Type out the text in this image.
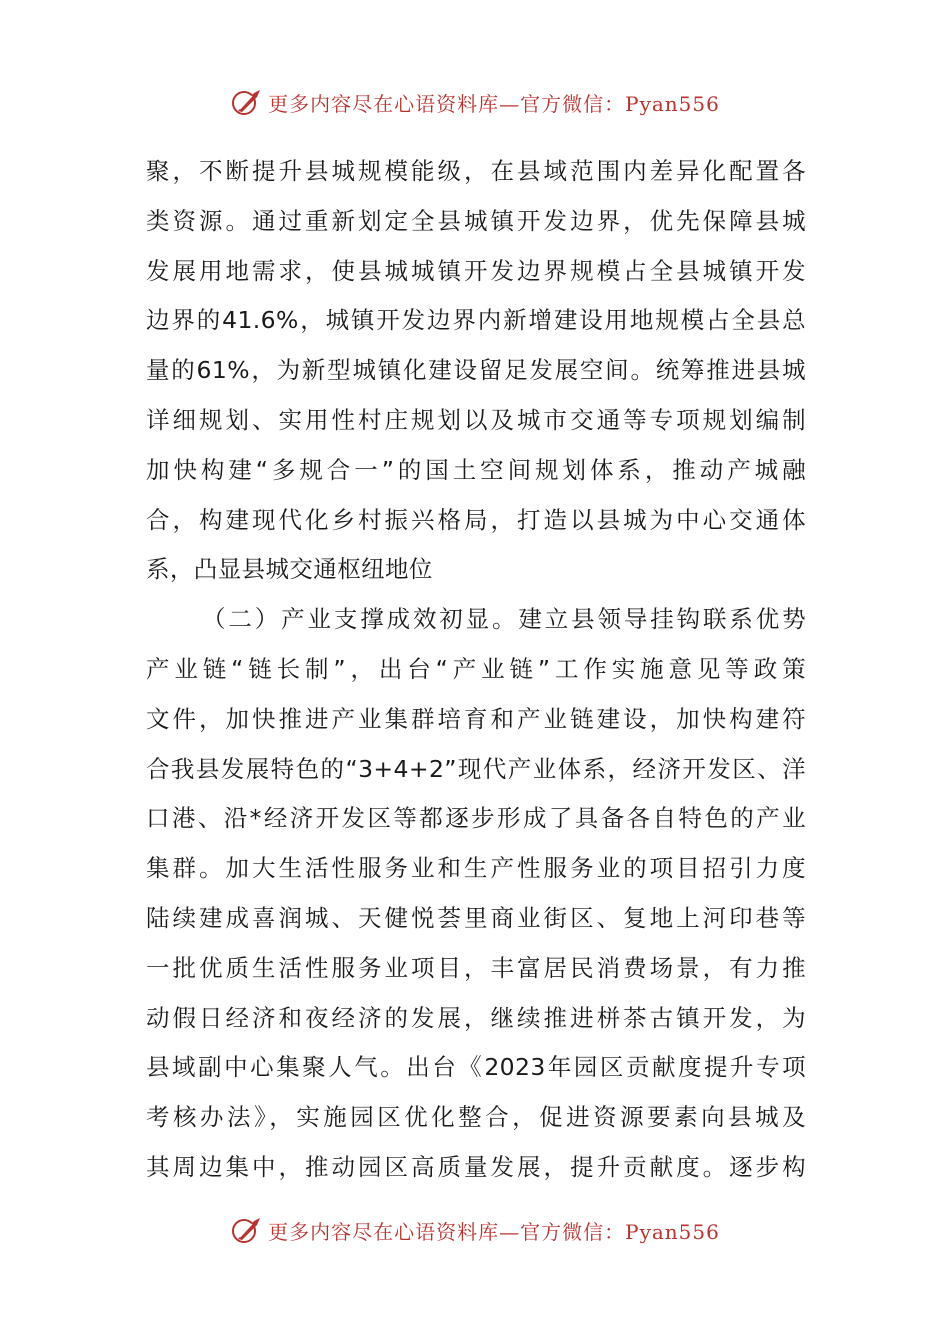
更多内容尽在心语资料库—官方微信：Pyan556
聚，不断提升县城规模能级，在县域范围内差异化配置各
类资源。通过重新划定全县城镇开发边界，优先保障县城
发展用地需求，使县城城镇开发边界规模占全县城镇开发
边界的41.6%，城镇开发边界内新增建设用地规模占全县总
量的61%，为新型城镇化建设留足发展空间。统筹推进县城
详细规划、实用性村庄规划以及城市交通等专项规划编制
加快构建“多规合一”的国土空间规划体系，推动产城融
合，构建现代化乡村振兴格局，打造以县城为中心交通体
系，凸显县城交通枢纽地位
（二）产业支撑成效初显。建立县领导挂钩联系优势
产业链“链长制”，出台“产业链”工作实施意见等政策
文件，加快推进产业集群培育和产业链建设，加快构建符
合我县发展特色的“3+4+2”现代产业体系，经济开发区、洋
口港、沿*经济开发区等都逐步形成了具备各自特色的产业
集群。加大生活性服务业和生产性服务业的项目招引力度
陆续建成喜润城、天健悦荟里商业街区、复地上河印巷等
一批优质生活性服务业项目，丰富居民消费场景，有力推
动假日经济和夜经济的发展，继续推进栟茶古镇开发，为
县域副中心集聚人气。出台《2023年园区贡献度提升专项
考核办法》，实施园区优化整合，促进资源要素向县城及
其周边集中，推动园区高质量发展，提升贡献度。逐步构
更多内容尽在心语资料库—官方微信：Pyan556
